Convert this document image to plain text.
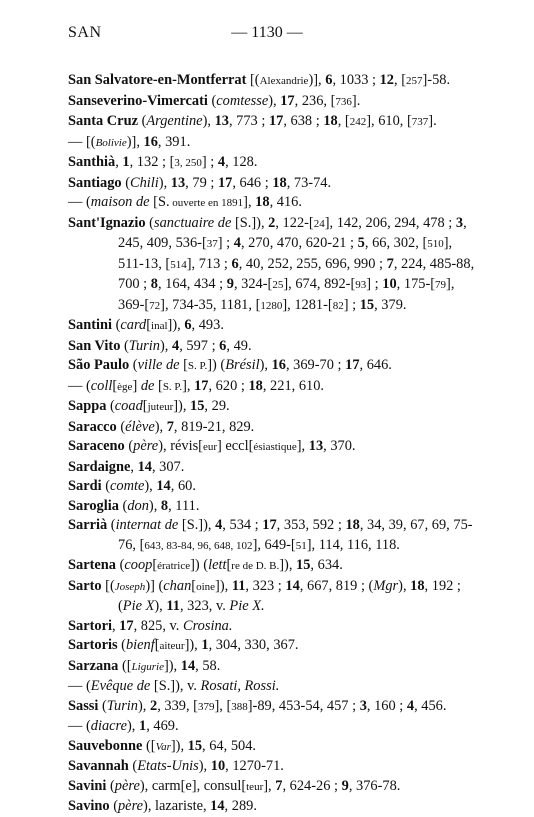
SAN	— 1130 —
San Salvatore-en-Montferrat [(Alexandrie)], 6, 1033 ; 12, [257]-58.
Sanseverino-Vimercati (comtesse), 17, 236, [736].
Santa Cruz (Argentine), 13, 773 ; 17, 638 ; 18, [242], 610, [737].
— [(Bolivie)], 16, 391.
Santhià, 1, 132 ; [3, 250] ; 4, 128.
Santiago (Chili), 13, 79 ; 17, 646 ; 18, 73-74.
— (maison de [S. ouverte en 1891], 18, 416.
Sant'Ignazio (sanctuaire de [S.]), 2, 122-[24], 142, 206, 294, 478 ; 3, 245, 409, 536-[37] ; 4, 270, 470, 620-21 ; 5, 66, 302, [510], 511-13, [514], 713 ; 6, 40, 252, 255, 696, 990 ; 7, 224, 485-88, 700 ; 8, 164, 434 ; 9, 324-[25], 674, 892-[93] ; 10, 175-[79], 369-[72], 734-35, 1181, [1280], 1281-[82] ; 15, 379.
Santini (card[inal]), 6, 493.
San Vito (Turin), 4, 597 ; 6, 49.
São Paulo (ville de [S. P.]) (Brésil), 16, 369-70 ; 17, 646.
— (coll[ège] de [S. P.], 17, 620 ; 18, 221, 610.
Sappa (coad[juteur]), 15, 29.
Saracco (élève), 7, 819-21, 829.
Saraceno (père), révis[eur] eccl[ésiastique], 13, 370.
Sardaigne, 14, 307.
Sardi (comte), 14, 60.
Saroglia (don), 8, 111.
Sarrià (internat de [S.]), 4, 534 ; 17, 353, 592 ; 18, 34, 39, 67, 69, 75-76, [643, 83-84, 96, 648, 102], 649-[51], 114, 116, 118.
Sartena (coop[ératrice]) (lett[re de D. B.]), 15, 634.
Sarto [(Joseph)] (chan[oine]), 11, 323 ; 14, 667, 819 ; (Mgr), 18, 192 ; (Pie X), 11, 323, v. Pie X.
Sartori, 17, 825, v. Crosina.
Sartoris (bienf[aiteur]), 1, 304, 330, 367.
Sarzana ([Ligurie]), 14, 58.
— (Evêque de [S.]), v. Rosati, Rossi.
Sassi (Turin), 2, 339, [379], [388]-89, 453-54, 457 ; 3, 160 ; 4, 456.
— (diacre), 1, 469.
Sauvebonne ([Var]), 15, 64, 504.
Savannah (Etats-Unis), 10, 1270-71.
Savini (père), carm[e], consul[teur], 7, 624-26 ; 9, 376-78.
Savino (père), lazariste, 14, 289.
